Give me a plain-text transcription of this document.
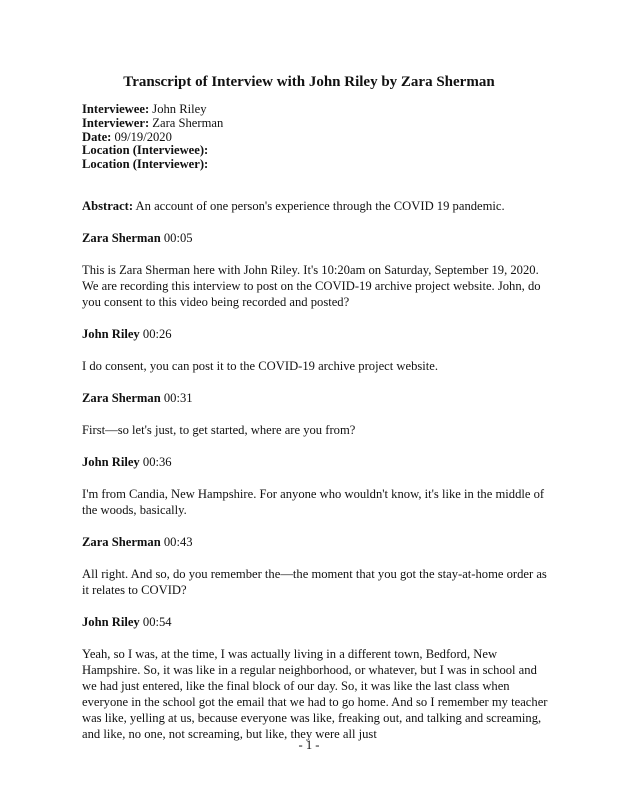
Transcript of Interview with John Riley by Zara Sherman
Interviewee: John Riley
Interviewer: Zara Sherman
Date: 09/19/2020
Location (Interviewee):
Location (Interviewer):
Abstract: An account of one person's experience through the COVID 19 pandemic.
Zara Sherman 00:05
This is Zara Sherman here with John Riley. It's 10:20am on Saturday, September 19, 2020. We are recording this interview to post on the COVID-19 archive project website. John, do you consent to this video being recorded and posted?
John Riley 00:26
I do consent, you can post it to the COVID-19 archive project website.
Zara Sherman 00:31
First—so let's just, to get started, where are you from?
John Riley 00:36
I'm from Candia, New Hampshire. For anyone who wouldn't know, it's like in the middle of the woods, basically.
Zara Sherman 00:43
All right. And so, do you remember the—the moment that you got the stay-at-home order as it relates to COVID?
John Riley 00:54
Yeah, so I was, at the time, I was actually living in a different town, Bedford, New Hampshire. So, it was like in a regular neighborhood, or whatever, but I was in school and we had just entered, like the final block of our day. So, it was like the last class when everyone in the school got the email that we had to go home. And so I remember my teacher was like, yelling at us, because everyone was like, freaking out, and talking and screaming, and like, no one, not screaming, but like, they were all just
- 1 -
